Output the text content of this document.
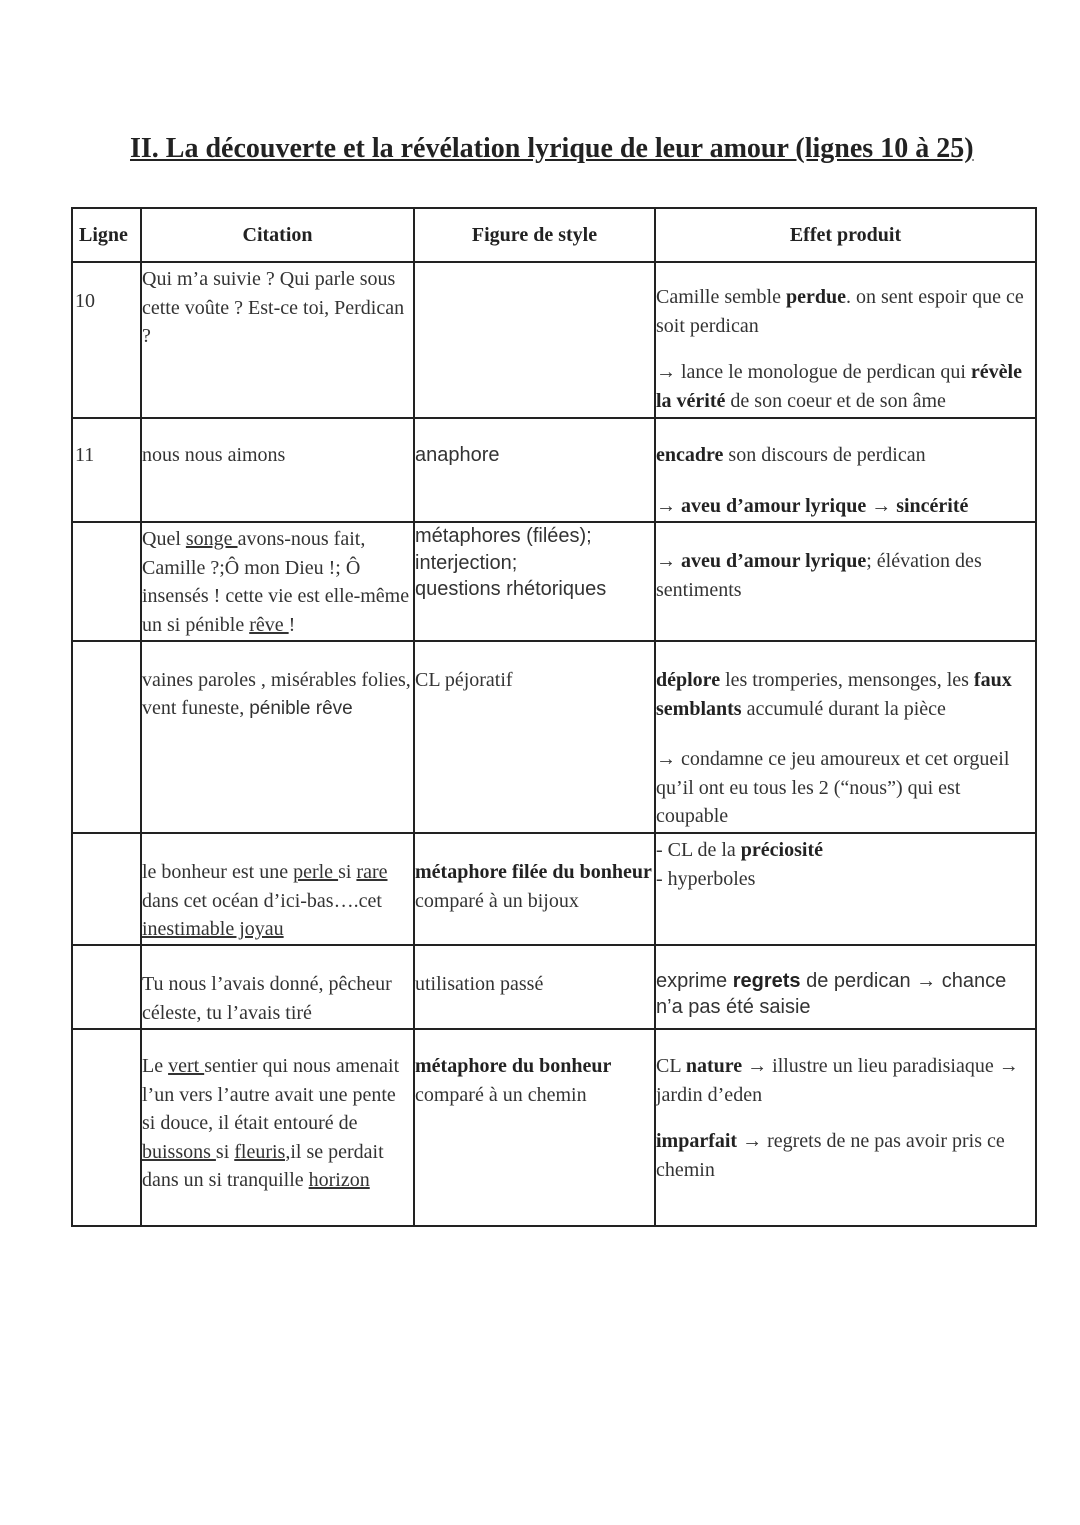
II. La découverte et la révélation lyrique de leur amour (lignes 10 à 25)
Ligne	Citation	Figure de style	Effet produit

10	Qui m’a suivie ? Qui parle sous cette voûte ? Est-ce toi, Perdican ?		Camille semble perdue. on sent espoir que ce soit perdican
→ lance le monologue de perdican qui révèle la vérité de son coeur et de son âme

11	nous nous aimons	anaphore	encadre son discours de perdican
→ aveu d’amour lyrique → sincérité

	Quel songe avons-nous fait, Camille ?;Ô mon Dieu !; Ô insensés ! cette vie est elle-même un si pénible rêve !	métaphores (filées);
interjection;
questions rhétoriques	→ aveu d’amour lyrique; élévation des sentiments

	vaines paroles , misérables folies, vent funeste, pénible rêve	CL péjoratif	déplore les tromperies, mensonges, les faux semblants accumulé durant la pièce
→ condamne ce jeu amoureux et cet orgueil qu’il ont eu tous les 2 (“nous”) qui est coupable

	le bonheur est une perle si rare dans cet océan d’ici-bas….cet inestimable joyau	métaphore filée du bonheur comparé à un bijoux	- CL de la préciosité
- hyperboles

	Tu nous l’avais donné, pêcheur céleste, tu l’avais tiré	utilisation passé	exprime regrets de perdican → chance n’a pas été saisie

	Le vert sentier qui nous amenait l’un vers l’autre avait une pente si douce, il était entouré de buissons si fleuris,il se perdait dans un si tranquille horizon	métaphore du bonheur comparé à un chemin	CL nature → illustre un lieu paradisiaque → jardin d’eden
imparfait → regrets de ne pas avoir pris ce chemin
